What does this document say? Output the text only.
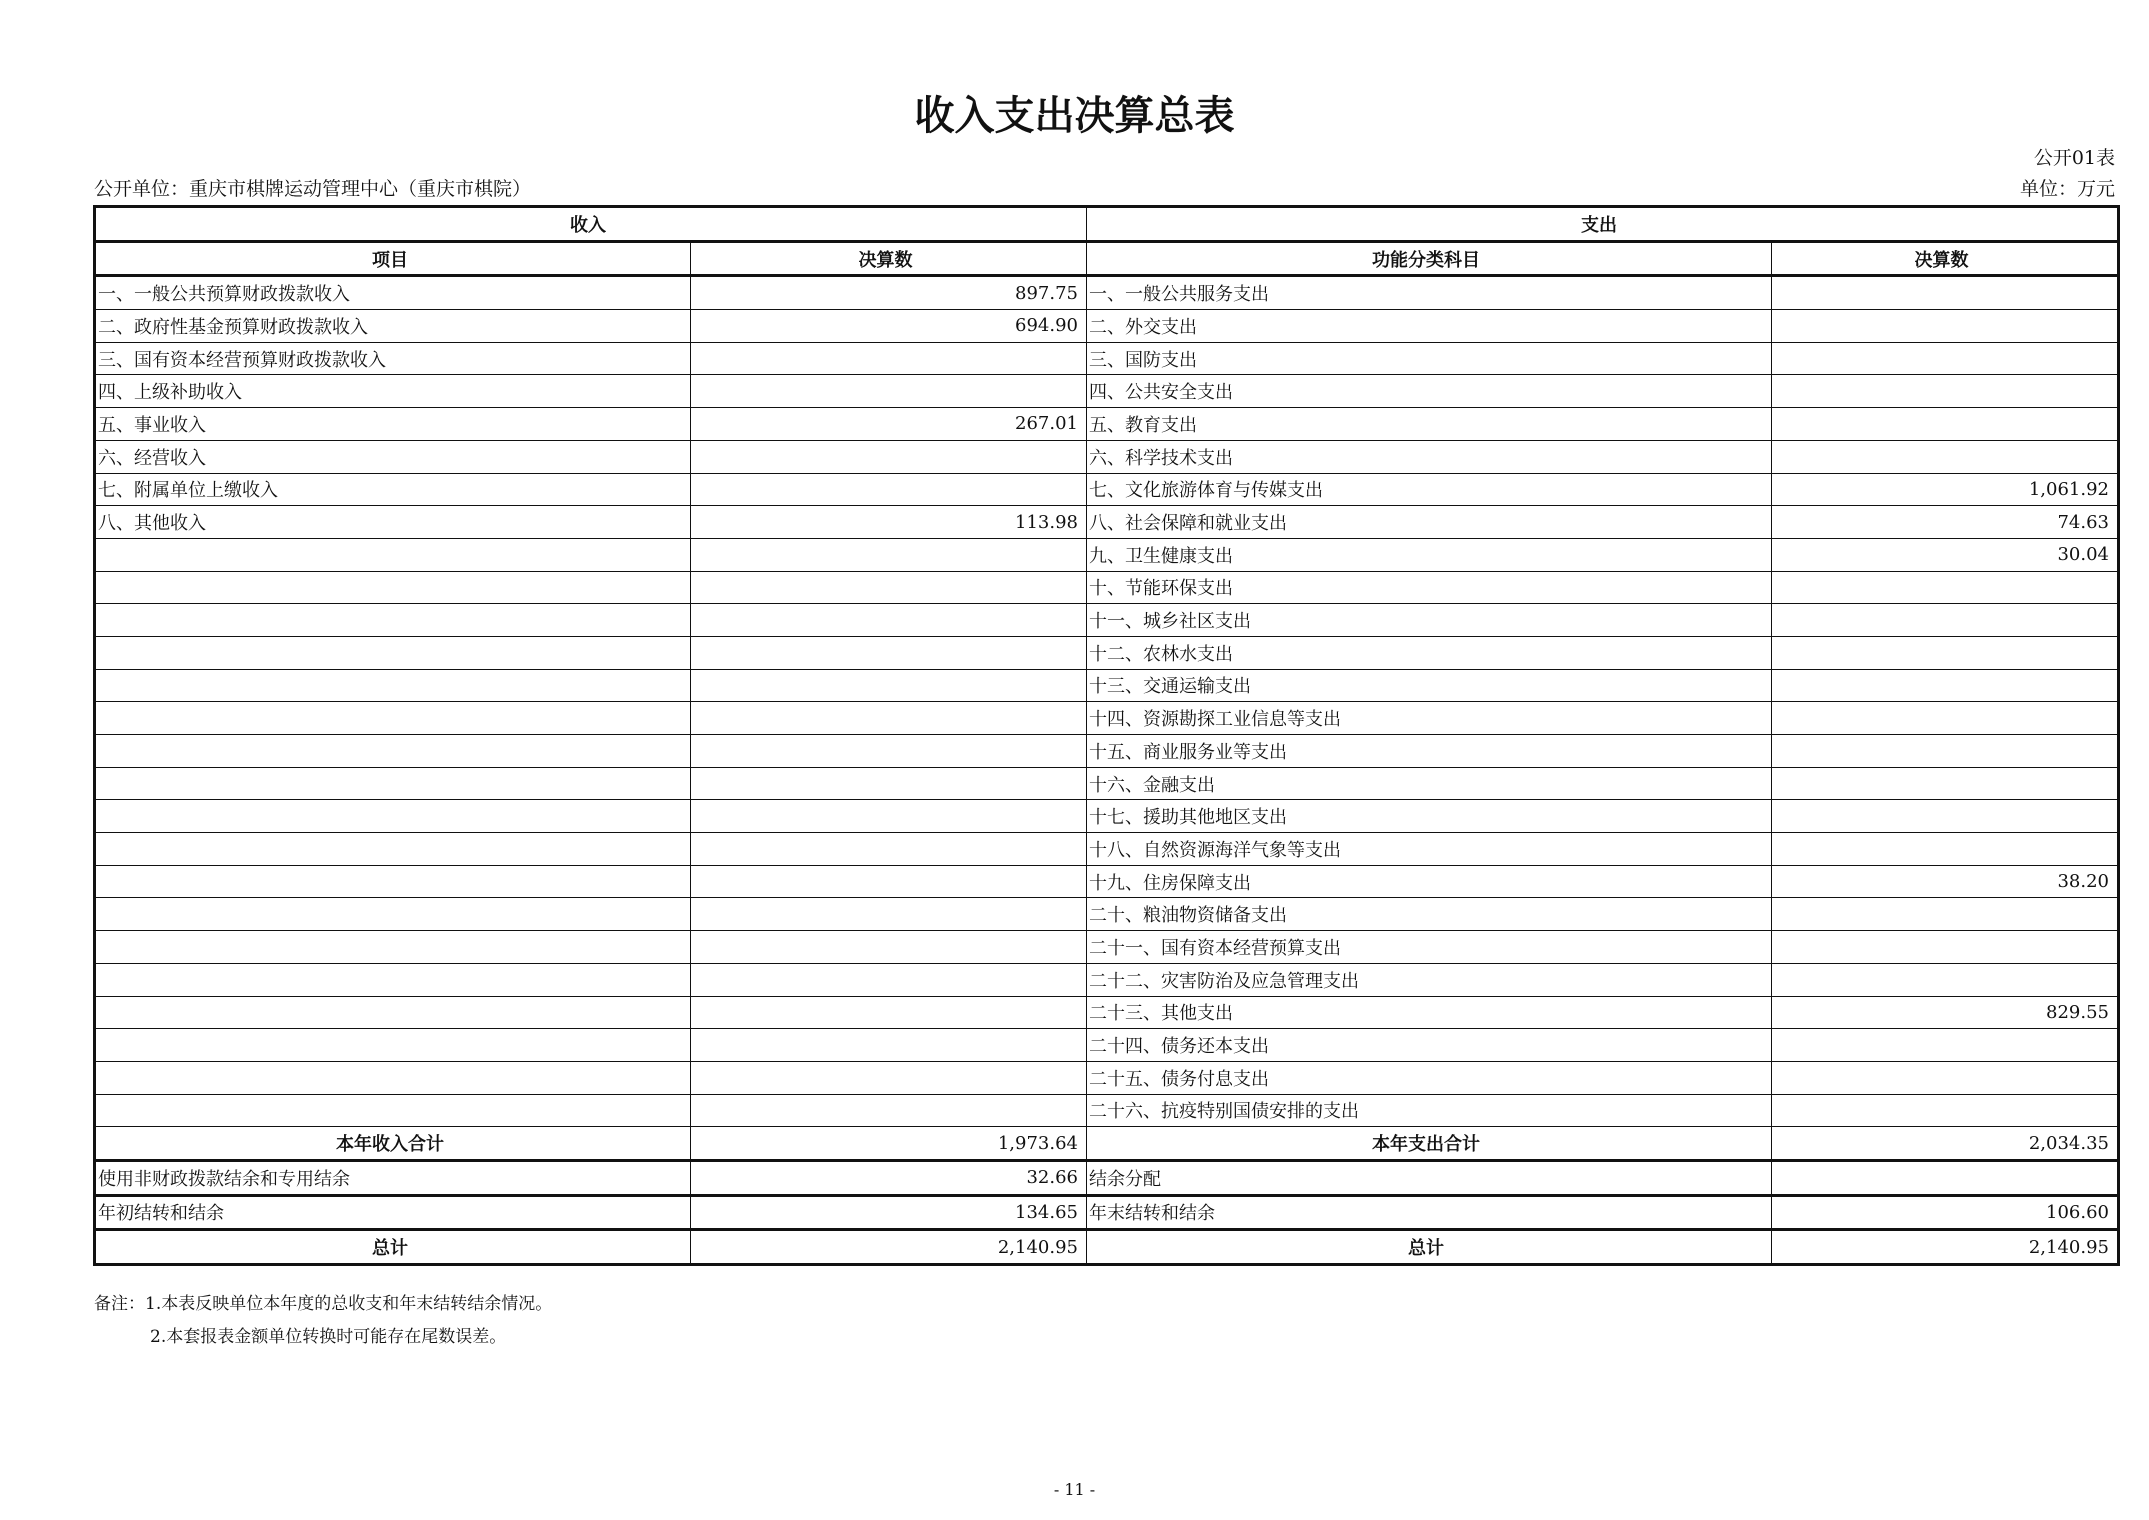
收入支出决算总表
公开01表
公开单位：重庆市棋牌运动管理中心（重庆市棋院）	单位：万元
收入		支出	
项目	决算数	功能分类科目	决算数
一、一般公共预算财政拨款收入	897.75	一、一般公共服务支出	
二、政府性基金预算财政拨款收入	694.90	二、外交支出	
三、国有资本经营预算财政拨款收入		三、国防支出	
四、上级补助收入		四、公共安全支出	
五、事业收入	267.01	五、教育支出	
六、经营收入		六、科学技术支出	
七、附属单位上缴收入		七、文化旅游体育与传媒支出	1,061.92
八、其他收入	113.98	八、社会保障和就业支出	74.63
		九、卫生健康支出	30.04
		十、节能环保支出	
		十一、城乡社区支出	
		十二、农林水支出	
		十三、交通运输支出	
		十四、资源勘探工业信息等支出	
		十五、商业服务业等支出	
		十六、金融支出	
		十七、援助其他地区支出	
		十八、自然资源海洋气象等支出	
		十九、住房保障支出	38.20
		二十、粮油物资储备支出	
		二十一、国有资本经营预算支出	
		二十二、灾害防治及应急管理支出	
		二十三、其他支出	829.55
		二十四、债务还本支出	
		二十五、债务付息支出	
		二十六、抗疫特别国债安排的支出	
本年收入合计	1,973.64	本年支出合计	2,034.35
使用非财政拨款结余和专用结余	32.66	结余分配	
年初结转和结余	134.65	年末结转和结余	106.60
总计	2,140.95	总计	2,140.95
备注：1.本表反映单位本年度的总收支和年末结转结余情况。
2.本套报表金额单位转换时可能存在尾数误差。
- 11 -
